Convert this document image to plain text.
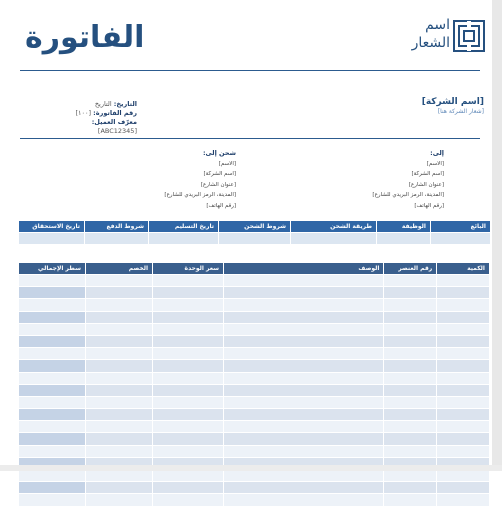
الفاتورة	اسم
الشعار
التاريخ: التاريخ
رقم الفاتورة: [١٠٠]
معرّف العميل: [ABC12345]
[اسم الشركة]
[شعار الشركة هنا]
إلى:
[الاسم]
[اسم الشركة]
[عنوان الشارع]
[المدينة، الرمز البريدي للشارع]
[رقم الهاتف]
شحن إلى:
[الاسم]
[اسم الشركة]
[عنوان الشارع]
[المدينة، الرمز البريدي للشارع]
[رقم الهاتف]
البائع	الوظيفة	طريقة الشحن	شروط الشحن	تاريخ التسليم	شروط الدفع	تاريخ الاستحقاق

الكمية	رقم العنصر	الوصف	سعر الوحدة	الخصم	سطر الإجمالي
